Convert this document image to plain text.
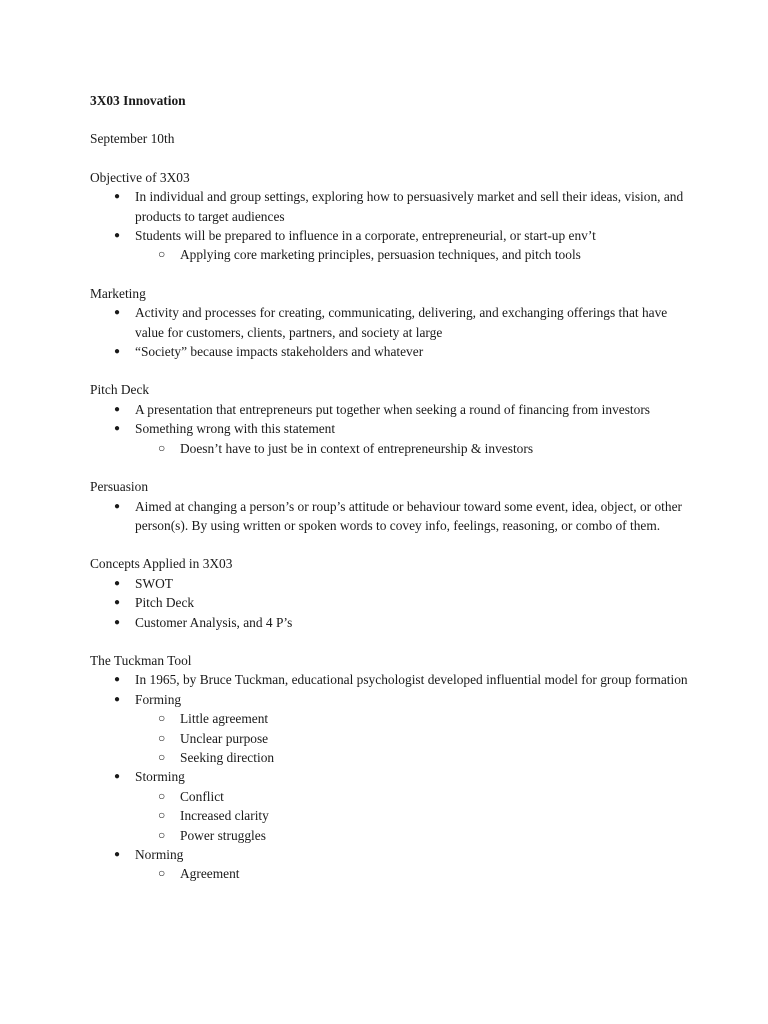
3X03 Innovation
September 10th
Objective of 3X03
●	In individual and group settings, exploring how to persuasively market and sell their ideas, vision, and products to target audiences
●	Students will be prepared to influence in a corporate, entrepreneurial, or start-up env’t
○	Applying core marketing principles, persuasion techniques, and pitch tools
Marketing
●	Activity and processes for creating, communicating, delivering, and exchanging offerings that have value for customers, clients, partners, and society at large
●	“Society” because impacts stakeholders and whatever
Pitch Deck
●	A presentation that entrepreneurs put together when seeking a round of financing from investors
●	Something wrong with this statement
○	Doesn’t have to just be in context of entrepreneurship & investors
Persuasion
●	Aimed at changing a person’s or roup’s attitude or behaviour toward some event, idea, object, or other person(s). By using written or spoken words to covey info, feelings, reasoning, or combo of them.
Concepts Applied in 3X03
●	SWOT
●	Pitch Deck
●	Customer Analysis, and 4 P’s
The Tuckman Tool
●	In 1965, by Bruce Tuckman, educational psychologist developed influential model for group formation
●	Forming
○	Little agreement
○	Unclear purpose
○	Seeking direction
●	Storming
○	Conflict
○	Increased clarity
○	Power struggles
●	Norming
○	Agreement
